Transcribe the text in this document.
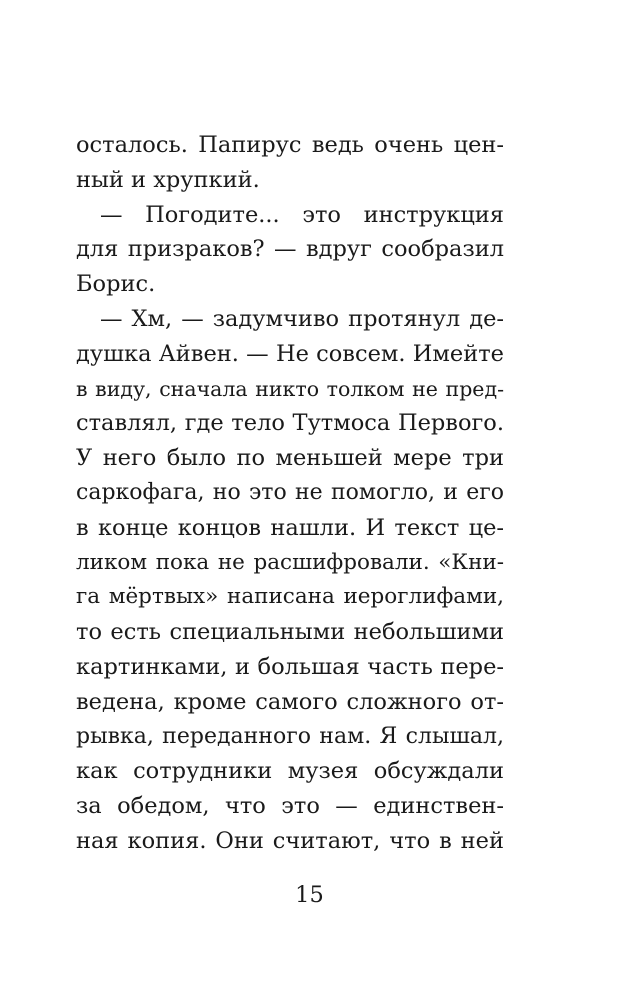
осталось. Папирус ведь очень цен-
ный и хрупкий.
— Погодите... это инструкция
для призраков? — вдруг сообразил
Борис.
— Хм, — задумчиво протянул де-
душка Айвен. — Не совсем. Имейте
в виду, сначала никто толком не пред-
ставлял, где тело Тутмоса Первого.
У него было по меньшей мере три
саркофага, но это не помогло, и его
в конце концов нашли. И текст це-
ликом пока не расшифровали. «Кни-
га мёртвых» написана иероглифами,
то есть специальными небольшими
картинками, и большая часть пере-
ведена, кроме самого сложного от-
рывка, переданного нам. Я слышал,
как сотрудники музея обсуждали
за обедом, что это — единствен-
ная копия. Они считают, что в ней
15
